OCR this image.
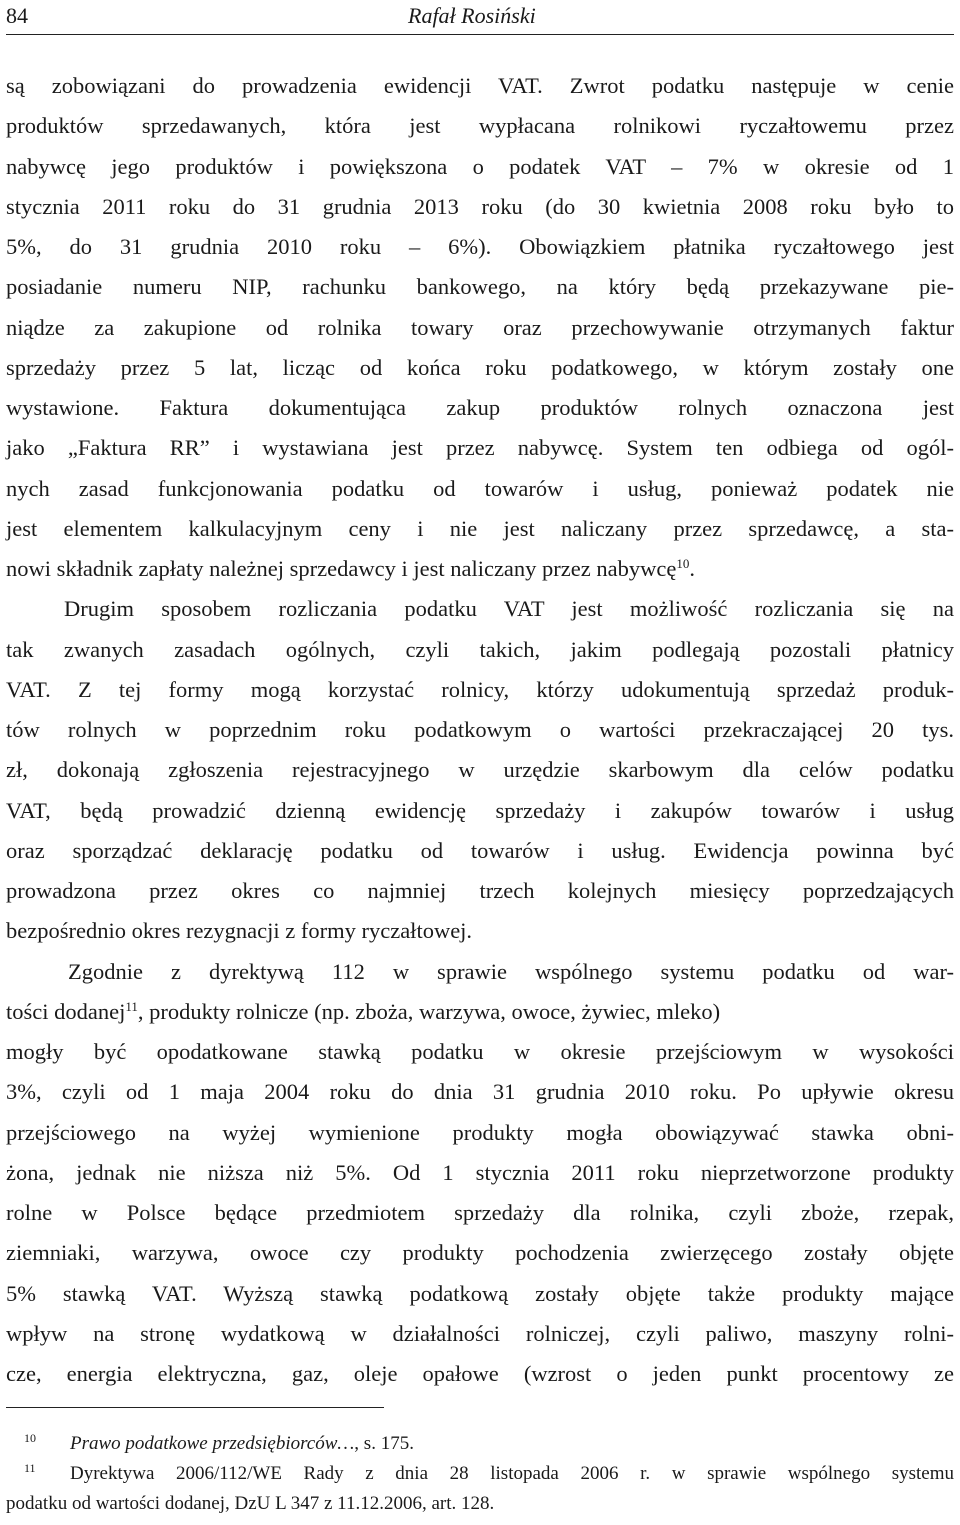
84	Rafał Rosiński
są zobowiązani do prowadzenia ewidencji VAT. Zwrot podatku następuje w cenie
produktów sprzedawanych, która jest wypłacana rolnikowi ryczałtowemu przez
nabywcę jego produktów i powiększona o podatek VAT – 7% w okresie od 1
stycznia 2011 roku do 31 grudnia 2013 roku (do 30 kwietnia 2008 roku było to
5%, do 31 grudnia 2010 roku – 6%). Obowiązkiem płatnika ryczałtowego jest
posiadanie numeru NIP, rachunku bankowego, na który będą przekazywane pie-
niądze za zakupione od rolnika towary oraz przechowywanie otrzymanych faktur
sprzedaży przez 5 lat, licząc od końca roku podatkowego, w którym zostały one
wystawione. Faktura dokumentująca zakup produktów rolnych oznaczona jest
jako „Faktura RR” i wystawiana jest przez nabywcę. System ten odbiega od ogól-
nych zasad funkcjonowania podatku od towarów i usług, ponieważ podatek nie
jest elementem kalkulacyjnym ceny i nie jest naliczany przez sprzedawcę, a sta-
nowi składnik zapłaty należnej sprzedawcy i jest naliczany przez nabywcę$^{10}$.
Drugim sposobem rozliczania podatku VAT jest możliwość rozliczania się na
tak zwanych zasadach ogólnych, czyli takich, jakim podlegają pozostali płatnicy
VAT. Z tej formy mogą korzystać rolnicy, którzy udokumentują sprzedaż produk-
tów rolnych w poprzednim roku podatkowym o wartości przekraczającej 20 tys.
zł, dokonają zgłoszenia rejestracyjnego w urzędzie skarbowym dla celów podatku
VAT, będą prowadzić dzienną ewidencję sprzedaży i zakupów towarów i usług
oraz sporządzać deklarację podatku od towarów i usług. Ewidencja powinna być
prowadzona przez okres co najmniej trzech kolejnych miesięcy poprzedzających
bezpośrednio okres rezygnacji z formy ryczałtowej.
Zgodnie z dyrektywą 112 w sprawie wspólnego systemu podatku od war-
tości dodanej$^{11}$, produkty rolnicze (np. zboża, warzywa, owoce, żywiec, mleko)
mogły być opodatkowane stawką podatku w okresie przejściowym w wysokości
3%, czyli od 1 maja 2004 roku do dnia 31 grudnia 2010 roku. Po upływie okresu
przejściowego na wyżej wymienione produkty mogła obowiązywać stawka obni-
żona, jednak nie niższa niż 5%. Od 1 stycznia 2011 roku nieprzetworzone produkty
rolne w Polsce będące przedmiotem sprzedaży dla rolnika, czyli zboże, rzepak,
ziemniaki, warzywa, owoce czy produkty pochodzenia zwierzęcego zostały objęte
5% stawką VAT. Wyższą stawką podatkową zostały objęte także produkty mające
wpływ na stronę wydatkową w działalności rolniczej, czyli paliwo, maszyny rolni-
cze, energia elektryczna, gaz, oleje opałowe (wzrost o jeden punkt procentowy ze
10 Prawo podatkowe przedsiębiorców…, s. 175.
11 Dyrektywa 2006/112/WE Rady z dnia 28 listopada 2006 r. w sprawie wspólnego systemu
podatku od wartości dodanej, DzU L 347 z 11.12.2006, art. 128.
